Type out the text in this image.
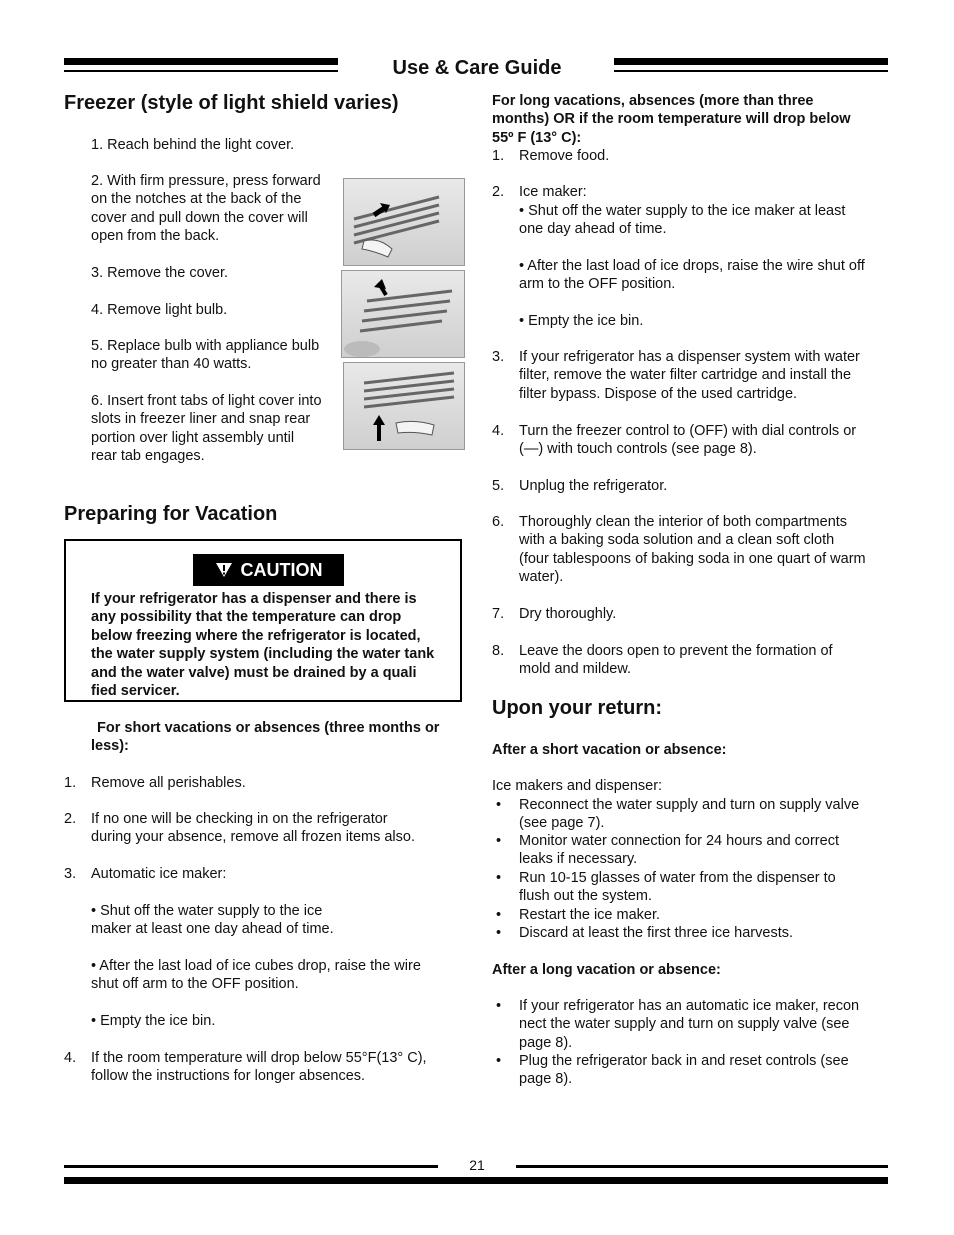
Use & Care Guide
Freezer (style of light shield varies)
1. Reach behind the light cover.
2. With firm pressure, press forward
on the notches at the back of the
cover and pull down the cover will
open from the back.
3. Remove the cover.
4. Remove light bulb.
5. Replace bulb with appliance bulb
no greater than 40 watts.
6. Insert front tabs of light cover into
slots in freezer liner and snap rear
portion over light assembly until
rear tab engages.
Preparing for Vacation
CAUTION
If your refrigerator has a dispenser and there is
any possibility that the temperature can drop
below freezing where the refrigerator is located,
the water supply system (including the water tank
and the water valve) must be drained by a quali
fied servicer.
For short vacations or absences (three months or
less):
1. Remove all perishables.
2. If no one will be checking in on the refrigerator
during your absence, remove all frozen items also.
3. Automatic ice maker:
• Shut off the water supply to the ice
maker at least one day ahead of time.
• After the last load of ice cubes drop, raise the wire
shut off arm to the OFF position.
• Empty the ice bin.
4. If the room temperature will drop below 55°F(13° C),
follow the instructions for longer absences.
For long vacations, absences (more than three
months) OR if the room temperature will drop below
55º F (13° C):
1. Remove food.
2. Ice maker:
• Shut off the water supply to the ice maker at least
one day ahead of time.
• After the last load of ice drops, raise the wire shut off
arm to the OFF position.
• Empty the ice bin.
3. If your refrigerator has a dispenser system with water
filter, remove the water filter cartridge and install the
filter bypass. Dispose of the used cartridge.
4. Turn the freezer control to (OFF) with dial controls or
(—) with touch controls (see page 8).
5. Unplug the refrigerator.
6. Thoroughly clean the interior of both compartments
with a baking soda solution and a clean soft cloth
(four tablespoons of baking soda in one quart of warm
water).
7. Dry thoroughly.
8. Leave the doors open to prevent the formation of
mold and mildew.
Upon your return:
After a short vacation or absence:
Ice makers and dispenser:
• Reconnect the water supply and turn on supply valve
(see page 7).
• Monitor water connection for 24 hours and correct
leaks if necessary.
• Run 10-15 glasses of water from the dispenser to
flush out the system.
• Restart the ice maker.
• Discard at least the first three ice harvests.
After a long vacation or absence:
• If your refrigerator has an automatic ice maker, recon
nect the water supply and turn on supply valve (see
page 8).
• Plug the refrigerator back in and reset controls (see
page 8).
21
